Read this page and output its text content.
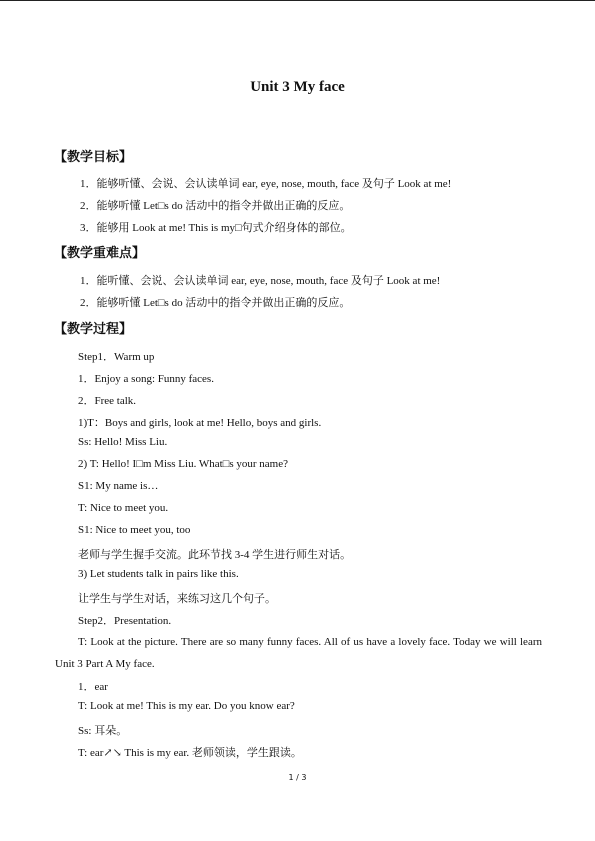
Unit 3 My face
【教学目标】
1．能够听懂、会说、会认读单词 ear, eye, nose, mouth, face 及句子 Look at me!
2．能够听懂 Let□s do 活动中的指令并做出正确的反应。
3．能够用 Look at me! This is my□句式介绍身体的部位。
【教学重难点】
1．能听懂、会说、会认读单词 ear, eye, nose, mouth, face 及句子 Look at me!
2．能够听懂 Let□s do 活动中的指令并做出正确的反应。
【教学过程】
Step1．Warm up
1．Enjoy a song: Funny faces.
2．Free talk.
1)T：Boys and girls, look at me! Hello, boys and girls.
Ss: Hello! Miss Liu.
2) T: Hello! I□m Miss Liu. What□s your name?
S1: My name is…
T: Nice to meet you.
S1: Nice to meet you, too
老师与学生握手交流。此环节找 3-4 学生进行师生对话。
3) Let students talk in pairs like this.
让学生与学生对话，来练习这几个句子。
Step2．Presentation.
T: Look at the picture. There are so many funny faces. All of us have a lovely face. Today we will learn Unit 3 Part A My face.
1．ear
T: Look at me! This is my ear. Do you know ear?
Ss: 耳朵。
T: ear↗↘ This is my ear. 老师领读，学生跟读。
1 / 3
